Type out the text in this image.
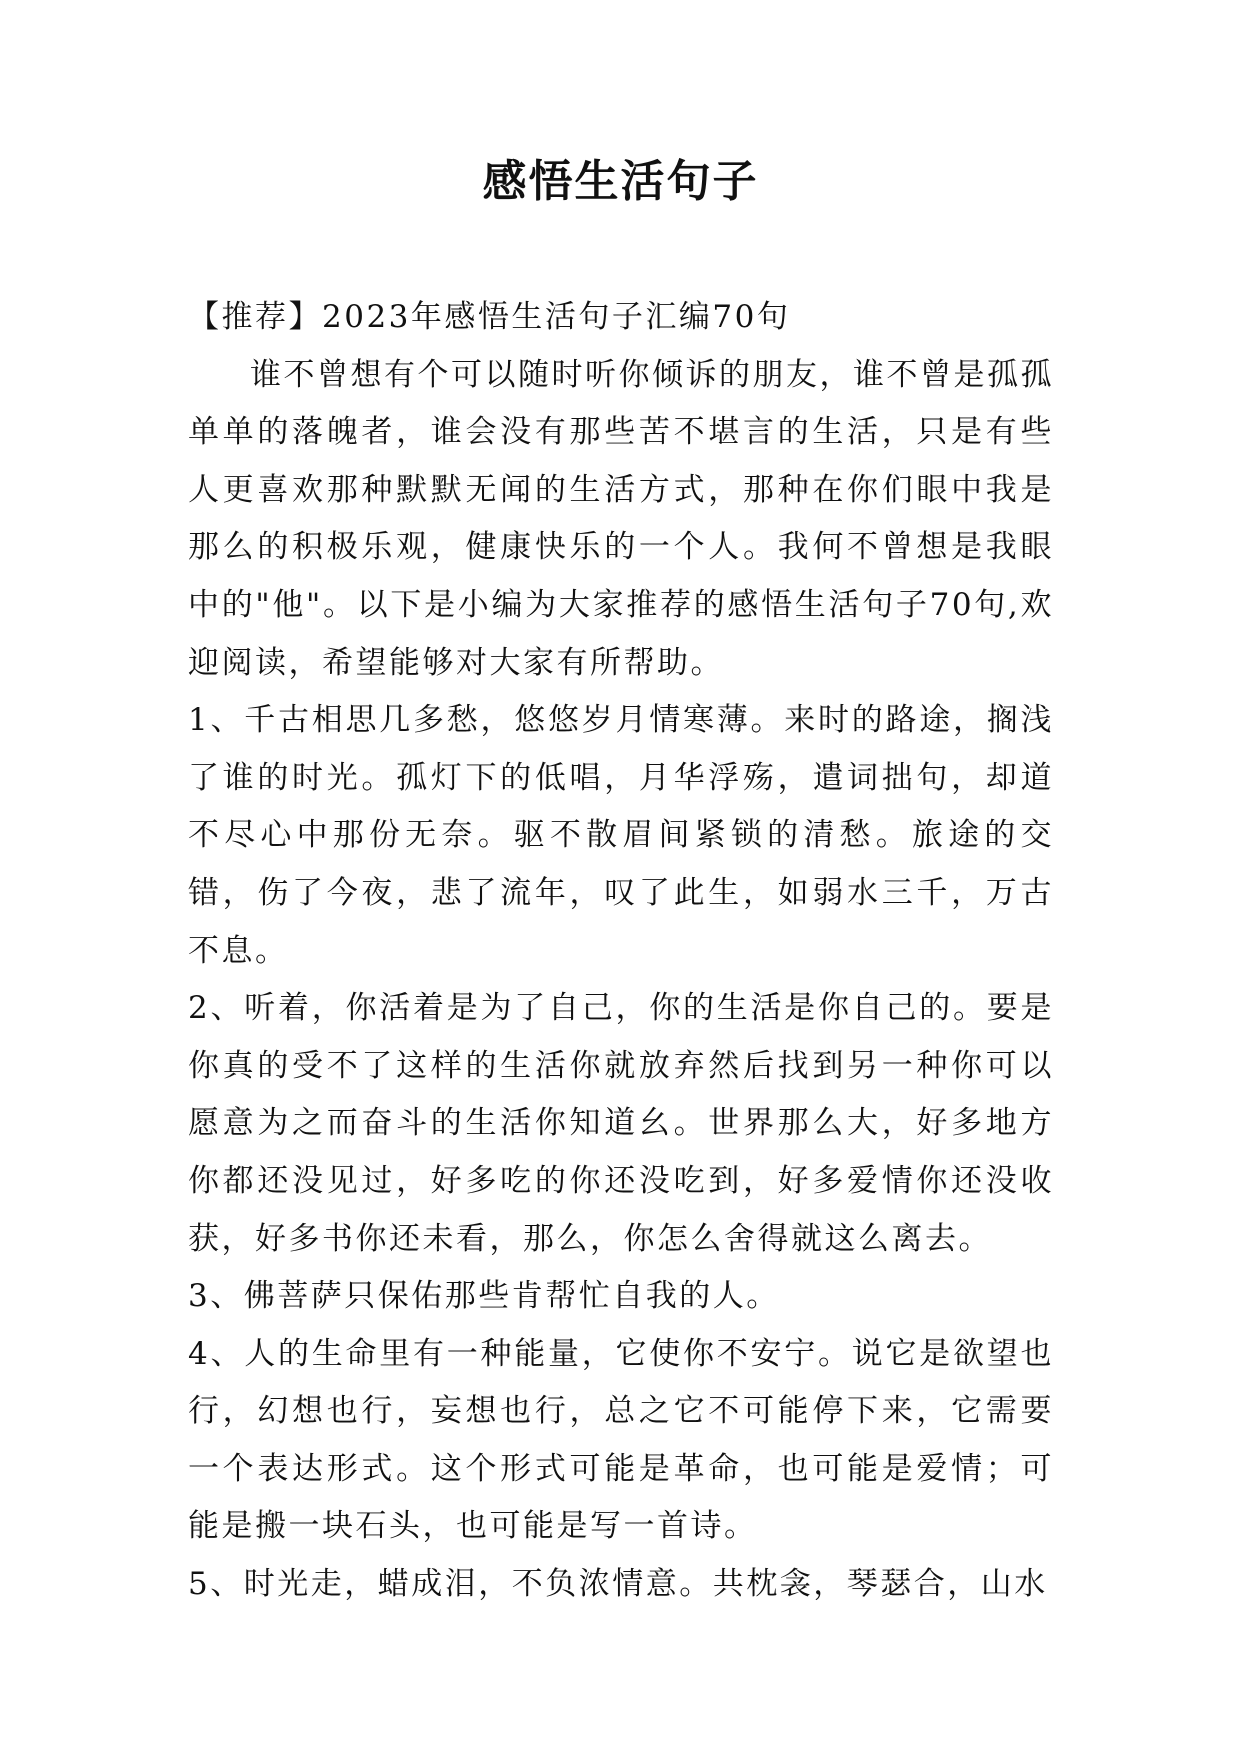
感悟生活句子

【推荐】2023年感悟生活句子汇编70句

谁不曾想有个可以随时听你倾诉的朋友，谁不曾是孤孤单单的落魄者，谁会没有那些苦不堪言的生活，只是有些人更喜欢那种默默无闻的生活方式，那种在你们眼中我是那么的积极乐观，健康快乐的一个人。我何不曾想是我眼中的"他"。以下是小编为大家推荐的感悟生活句子70句,欢迎阅读，希望能够对大家有所帮助。

1、千古相思几多愁，悠悠岁月情寒薄。来时的路途，搁浅了谁的时光。孤灯下的低唱，月华浮殇，遣词拙句，却道不尽心中那份无奈。驱不散眉间紧锁的清愁。旅途的交错，伤了今夜，悲了流年，叹了此生，如弱水三千，万古不息。

2、听着，你活着是为了自己，你的生活是你自己的。要是你真的受不了这样的生活你就放弃然后找到另一种你可以愿意为之而奋斗的生活你知道幺。世界那么大，好多地方你都还没见过，好多吃的你还没吃到，好多爱情你还没收获，好多书你还未看，那么，你怎么舍得就这么离去。

3、佛菩萨只保佑那些肯帮忙自我的人。

4、人的生命里有一种能量，它使你不安宁。说它是欲望也行，幻想也行，妄想也行，总之它不可能停下来，它需要一个表达形式。这个形式可能是革命，也可能是爱情；可能是搬一块石头，也可能是写一首诗。

5、时光走，蜡成泪，不负浓情意。共枕衾，琴瑟合，山水
